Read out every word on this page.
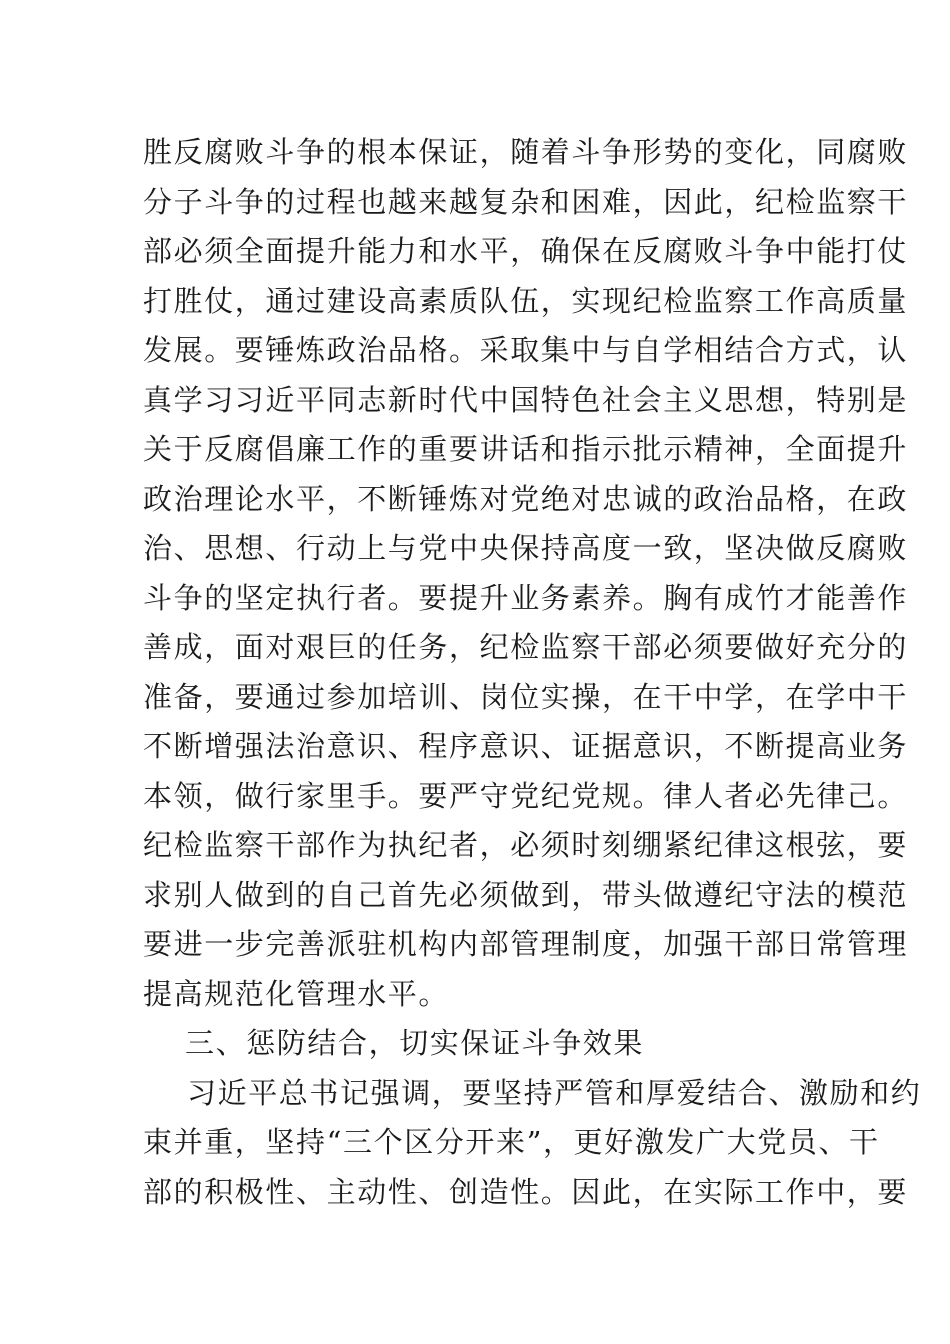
胜反腐败斗争的根本保证，随着斗争形势的变化，同腐败
分子斗争的过程也越来越复杂和困难，因此，纪检监察干
部必须全面提升能力和水平，确保在反腐败斗争中能打仗
打胜仗，通过建设高素质队伍，实现纪检监察工作高质量
发展。要锤炼政治品格。采取集中与自学相结合方式，认
真学习习近平同志新时代中国特色社会主义思想，特别是
关于反腐倡廉工作的重要讲话和指示批示精神，全面提升
政治理论水平，不断锤炼对党绝对忠诚的政治品格，在政
治、思想、行动上与党中央保持高度一致，坚决做反腐败
斗争的坚定执行者。要提升业务素养。胸有成竹才能善作
善成，面对艰巨的任务，纪检监察干部必须要做好充分的
准备，要通过参加培训、岗位实操，在干中学，在学中干
不断增强法治意识、程序意识、证据意识，不断提高业务
本领，做行家里手。要严守党纪党规。律人者必先律己。
纪检监察干部作为执纪者，必须时刻绷紧纪律这根弦，要
求别人做到的自己首先必须做到，带头做遵纪守法的模范
要进一步完善派驻机构内部管理制度，加强干部日常管理
提高规范化管理水平。
三、惩防结合，切实保证斗争效果
习近平总书记强调，要坚持严管和厚爱结合、激励和约
束并重，坚持“三个区分开来”，更好激发广大党员、干
部的积极性、主动性、创造性。因此，在实际工作中，要
